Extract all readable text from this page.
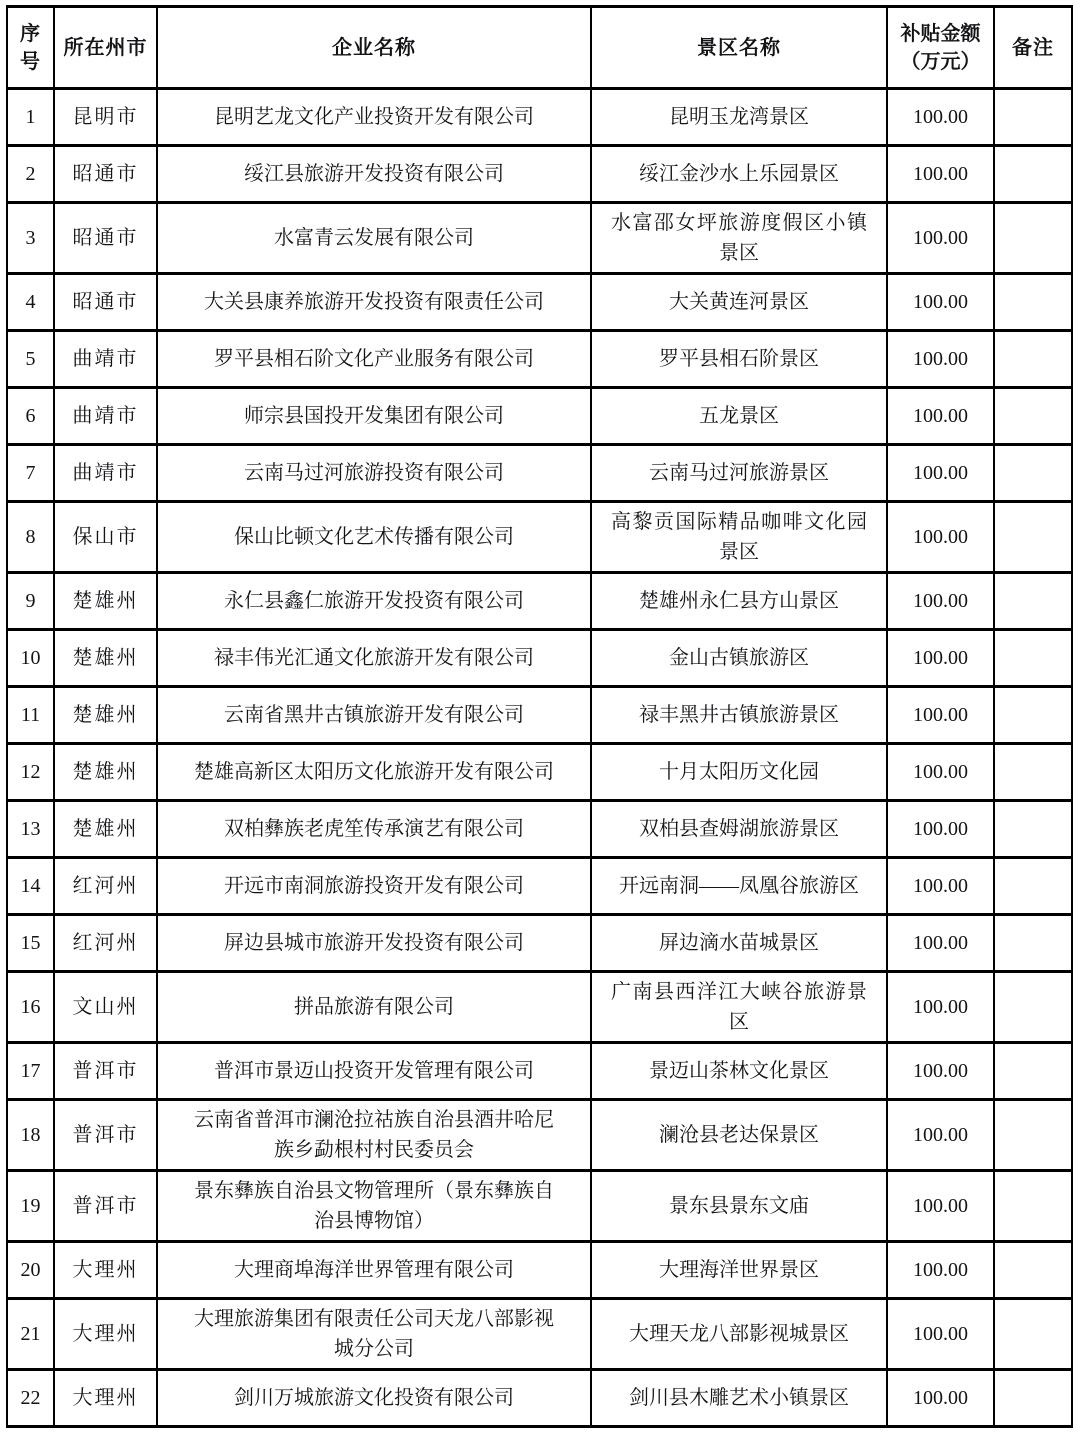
序号	所在州市	企业名称	景区名称	补贴金额（万元）	备注
1	昆明市	昆明艺龙文化产业投资开发有限公司	昆明玉龙湾景区	100.00	
2	昭通市	绥江县旅游开发投资有限公司	绥江金沙水上乐园景区	100.00	
3	昭通市	水富青云发展有限公司	水富邵女坪旅游度假区小镇景区	100.00	
4	昭通市	大关县康养旅游开发投资有限责任公司	大关黄连河景区	100.00	
5	曲靖市	罗平县相石阶文化产业服务有限公司	罗平县相石阶景区	100.00	
6	曲靖市	师宗县国投开发集团有限公司	五龙景区	100.00	
7	曲靖市	云南马过河旅游投资有限公司	云南马过河旅游景区	100.00	
8	保山市	保山比顿文化艺术传播有限公司	高黎贡国际精品咖啡文化园景区	100.00	
9	楚雄州	永仁县鑫仁旅游开发投资有限公司	楚雄州永仁县方山景区	100.00	
10	楚雄州	禄丰伟光汇通文化旅游开发有限公司	金山古镇旅游区	100.00	
11	楚雄州	云南省黑井古镇旅游开发有限公司	禄丰黑井古镇旅游景区	100.00	
12	楚雄州	楚雄高新区太阳历文化旅游开发有限公司	十月太阳历文化园	100.00	
13	楚雄州	双柏彝族老虎笙传承演艺有限公司	双柏县查姆湖旅游景区	100.00	
14	红河州	开远市南洞旅游投资开发有限公司	开远南洞——凤凰谷旅游区	100.00	
15	红河州	屏边县城市旅游开发投资有限公司	屏边滴水苗城景区	100.00	
16	文山州	拼品旅游有限公司	广南县西洋江大峡谷旅游景区	100.00	
17	普洱市	普洱市景迈山投资开发管理有限公司	景迈山茶林文化景区	100.00	
18	普洱市	云南省普洱市澜沧拉祜族自治县酒井哈尼族乡勐根村村民委员会	澜沧县老达保景区	100.00	
19	普洱市	景东彝族自治县文物管理所（景东彝族自治县博物馆）	景东县景东文庙	100.00	
20	大理州	大理商埠海洋世界管理有限公司	大理海洋世界景区	100.00	
21	大理州	大理旅游集团有限责任公司天龙八部影视城分公司	大理天龙八部影视城景区	100.00	
22	大理州	剑川万城旅游文化投资有限公司	剑川县木雕艺术小镇景区	100.00	
